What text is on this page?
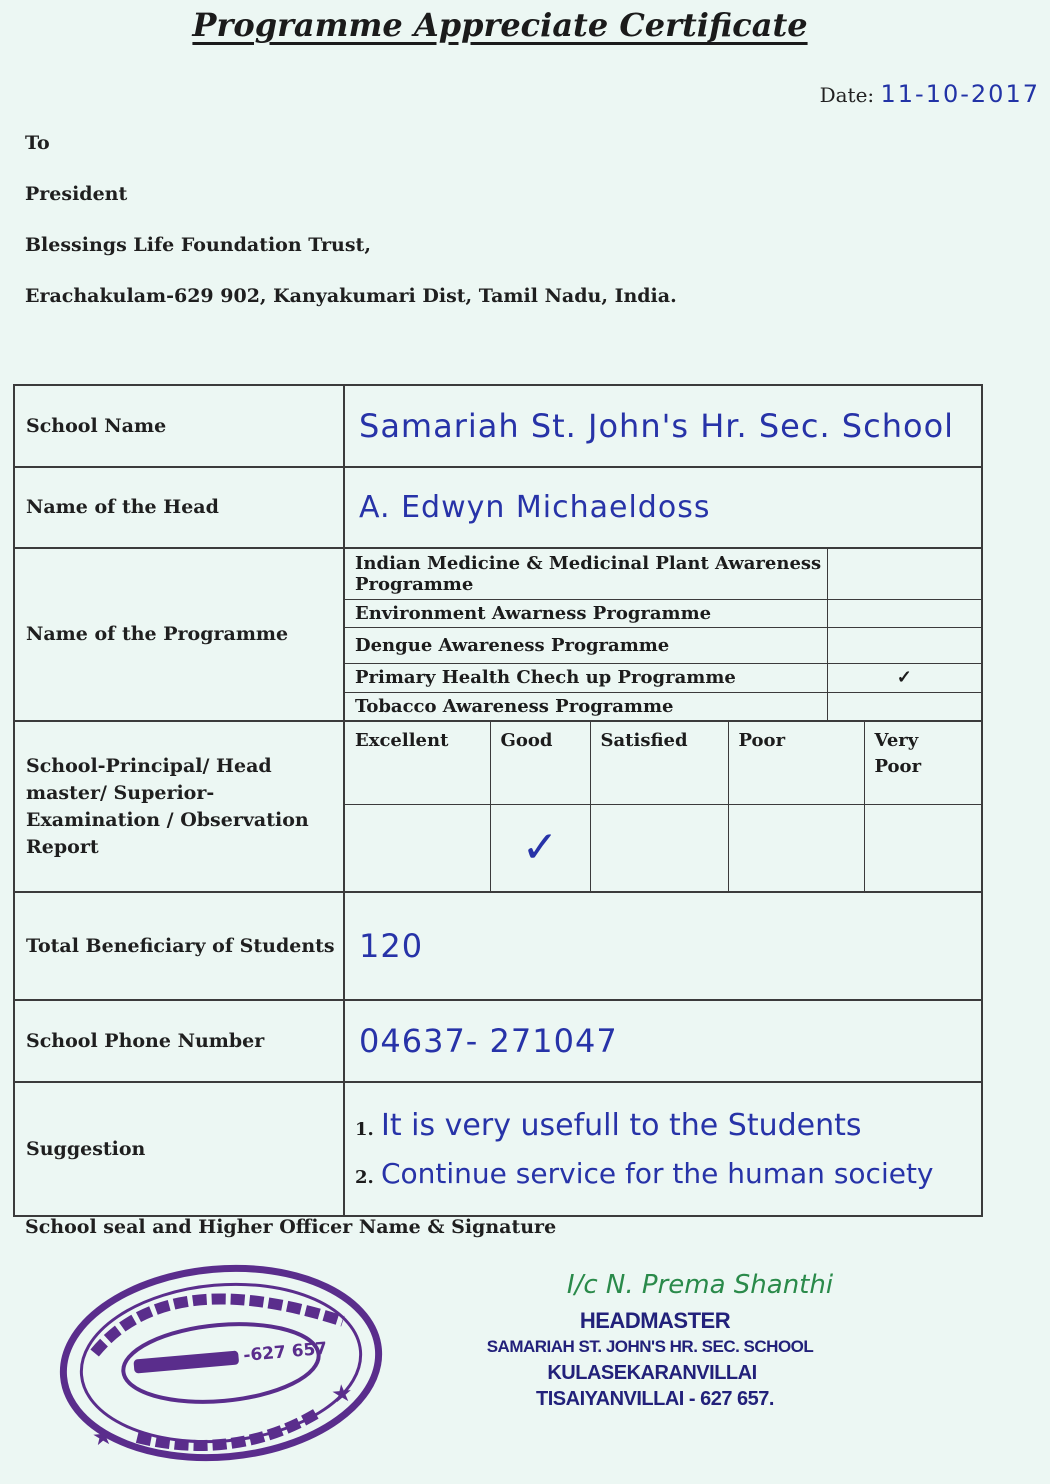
Programme Appreciate Certificate
Date: 11-10-2017
To
President
Blessings Life Foundation Trust,
Erachakulam-629 902, Kanyakumari Dist, Tamil Nadu, India.
School Name	Samariah St. John's Hr. Sec. School
Name of the Head	A. Edwyn Michaeldoss
Name of the Programme	
Indian Medicine & Medicinal Plant Awareness Programme	
Environment Awarness Programme	
Dengue Awareness Programme	
Primary Health Chech up Programme	✓
Tobacco Awareness Programme	

School-Principal/ Head master/ Superior-Examination / Observation Report	
Excellent	Good	Satisfied	Poor	Very Poor
	✓			

Total Beneficiary of Students	120
School Phone Number	04637- 271047
Suggestion	
1. It is very usefull to the Students
2. Continue service for the human society
School seal and Higher Officer Name & Signature
★
★
-627 657
I/c N. Prema Shanthi
HEADMASTER
SAMARIAH ST. JOHN'S HR. SEC. SCHOOL
KULASEKARANVILLAI
TISAIYANVILLAI - 627 657.
